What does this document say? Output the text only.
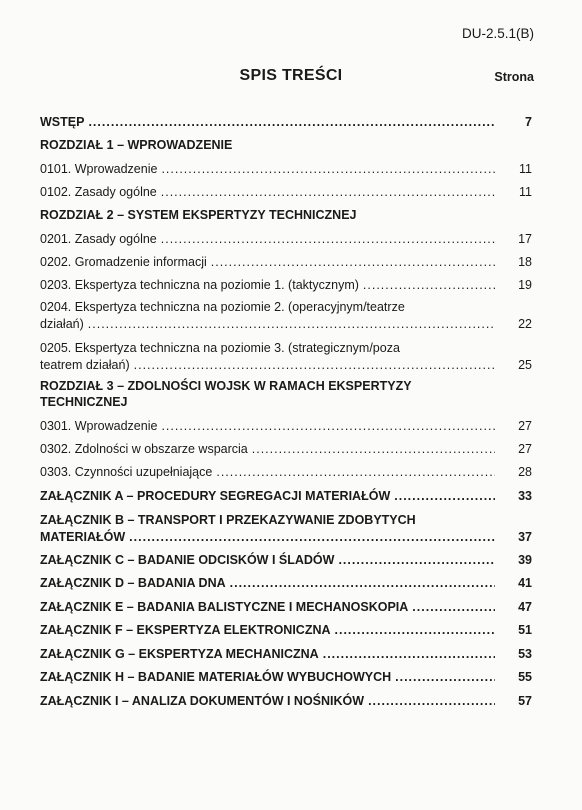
DU-2.5.1(B)
SPIS TREŚCI	Strona
WSTĘP .....	7
ROZDZIAŁ 1 – WPROWADZENIE
0101. Wprowadzenie .....	11
0102. Zasady ogólne .....	11
ROZDZIAŁ 2 – SYSTEM EKSPERTYZY TECHNICZNEJ
0201. Zasady ogólne .....	17
0202. Gromadzenie informacji .....	18
0203. Ekspertyza techniczna na poziomie 1. (taktycznym) .....	19
0204. Ekspertyza techniczna na poziomie 2. (operacyjnym/teatrze
działań) .....	22
0205. Ekspertyza techniczna na poziomie 3. (strategicznym/poza
teatrem działań) .....	25
ROZDZIAŁ 3 – ZDOLNOŚCI WOJSK W RAMACH EKSPERTYZY
TECHNICZNEJ
0301. Wprowadzenie .....	27
0302. Zdolności w obszarze wsparcia .....	27
0303. Czynności uzupełniające .....	28
ZAŁĄCZNIK A – PROCEDURY SEGREGACJI MATERIAŁÓW .....	33
ZAŁĄCZNIK B – TRANSPORT I PRZEKAZYWANIE ZDOBYTYCH
MATERIAŁÓW .....	37
ZAŁĄCZNIK C – BADANIE ODCISKÓW I ŚLADÓW .....	39
ZAŁĄCZNIK D – BADANIA DNA .....	41
ZAŁĄCZNIK E – BADANIA BALISTYCZNE I MECHANOSKOPIA .....	47
ZAŁĄCZNIK F – EKSPERTYZA ELEKTRONICZNA .....	51
ZAŁĄCZNIK G – EKSPERTYZA MECHANICZNA .....	53
ZAŁĄCZNIK H – BADANIE MATERIAŁÓW WYBUCHOWYCH .....	55
ZAŁĄCZNIK I – ANALIZA DOKUMENTÓW I NOŚNIKÓW .....	57
